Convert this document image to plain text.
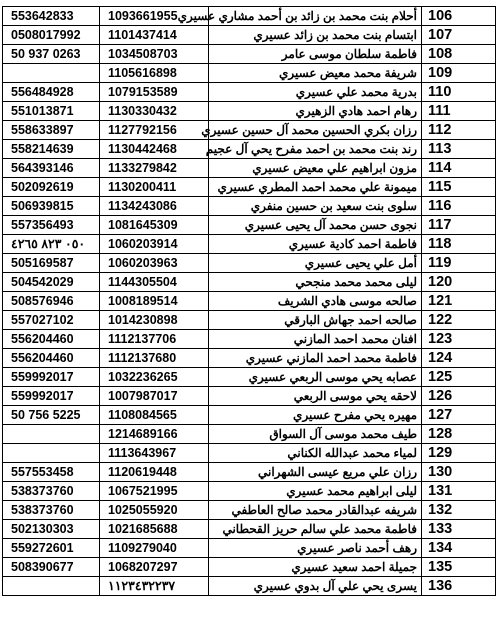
553642833	1093661955	أحلام بنت محمد بن زائد بن أحمد مشاري عسيري	106
0508017992	1101437414	ابتسام بنت محمد بن زائد عسيري	107
50 937 0263	1034508703	فاطمة سلطان موسى عامر	108
	1105616898	شريفة محمد معيض عسيري	109
556484928	1079153589	بدرية محمد علي عسيري	110
551013871	1130330432	رهام احمد هادي الزهيري	111
558633897	1127792156	رزان بكري الحسين محمد آل حسين عسيري	112
558214639	1130442468	رند بنت محمد بن احمد مفرح يحي آل عجيم	113
564393146	1133279842	مزون ابراهيم علي معيض عسيري	114
502092619	1130200411	ميمونة علي محمد احمد المطري عسيري	115
506939815	1134243086	سلوى بنت سعيد بن حسين منفري	116
557356493	1081645309	نجوى حسن محمد آل يحيى عسيري	117
٠٥٠ ٨٢٣ ٤٢٦٥	1060203914	فاطمة احمد كادية عسيري	118
505169587	1060203963	أمل علي يحيى عسيري	119
504542029	1144305504	ليلى محمد محمد منجحي	120
508576946	1008189514	صالحه موسى هادي الشريف	121
557027102	1014230898	صالحه احمد جهاش البارقي	122
556204460	1112137706	افنان محمد احمد المازني	123
556204460	1112137680	فاطمة محمد احمد المازني عسيري	124
559992017	1032236265	عصابه يحي موسى الربعي عسيري	125
559992017	1007987017	لاحقه يحي موسى الربعي	126
50 756 5225	1108084565	مهيره يحي مفرح عسيري	127
	1214689166	طيف محمد موسى آل السواق	128
	1113643967	لمياء محمد عبدالله الكناني	129
557553458	1120619448	رزان علي مريع عيسى الشهراني	130
538373760	1067521995	ليلى ابراهيم محمد عسيري	131
538373760	1025055920	شريفه عبدالقادر محمد صالح العاطفي	132
502130303	1021685688	فاطمة محمد علي سالم حريز القحطاني	133
559272601	1109279040	رهف أحمد ناصر عسيري	134
508390677	1068207297	جميلة احمد سعيد عسيري	135
	١١٢٣٤٣٢٢٣٧	يسرى يحي علي آل بدوي عسيري	136
